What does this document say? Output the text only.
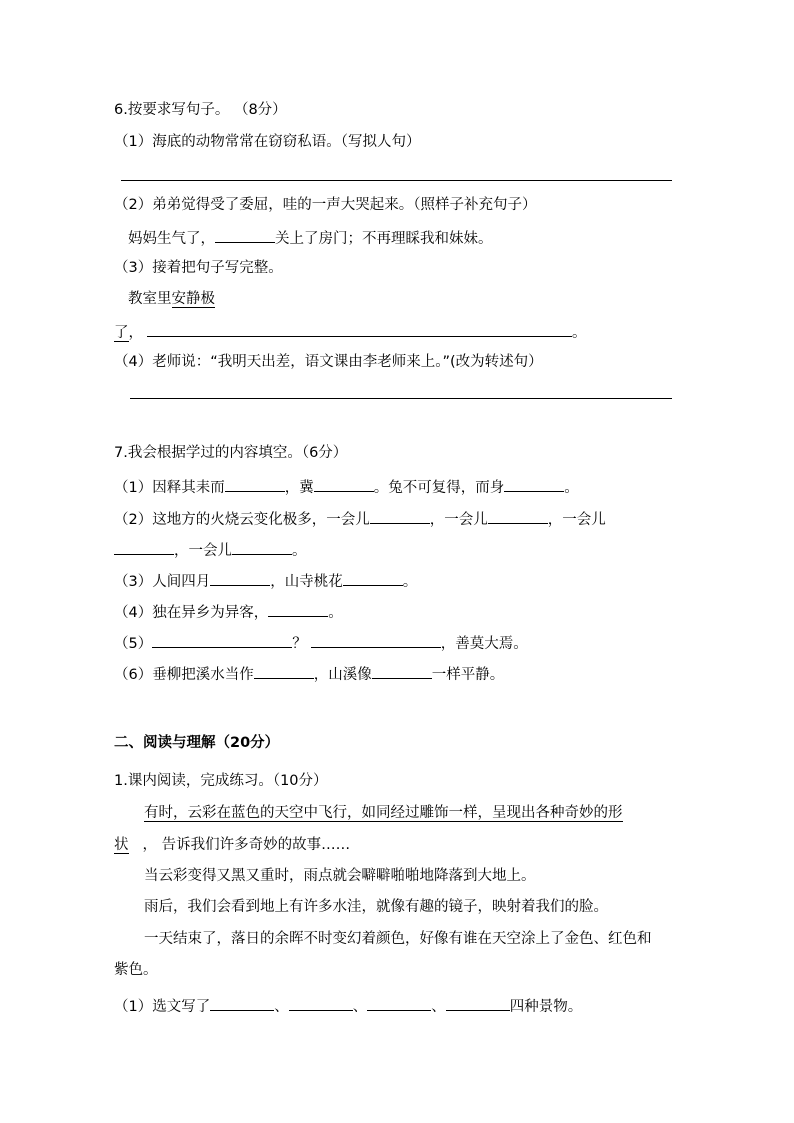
6.按要求写句子。 （8分）
（1）海底的动物常常在窃窃私语。（写拟人句）
（2）弟弟觉得受了委屈，哇的一声大哭起来。（照样子补充句子）
妈妈生气了，	关上了房门；不再理睬我和妹妹。
（3）接着把句子写完整。
教室里安静极
了，	。
（4）老师说：“我明天出差，语文课由李老师来上。”(改为转述句）
7.我会根据学过的内容填空。（6分）
（1）因释其耒而	，冀	。兔不可复得，而身	。
（2）这地方的火烧云变化极多，一会儿	，一会儿	，一会儿
，一会儿	。
（3）人间四月	，山寺桃花	。
（4）独在异乡为异客，	。
（5）	？	，善莫大焉。
（6）垂柳把溪水当作	，山溪像	一样平静。
二、阅读与理解（20分）
1.课内阅读，完成练习。（10分）
有时，云彩在蓝色的天空中飞行，如同经过雕饰一样，呈现出各种奇妙的形
状 ， 告诉我们许多奇妙的故事……
当云彩变得又黑又重时，雨点就会噼噼啪啪地降落到大地上。
雨后，我们会看到地上有许多水洼，就像有趣的镜子，映射着我们的脸。
一天结束了，落日的余晖不时变幻着颜色，好像有谁在天空涂上了金色、红色和
紫色。
（1）选文写了	、	、	、	四种景物。
